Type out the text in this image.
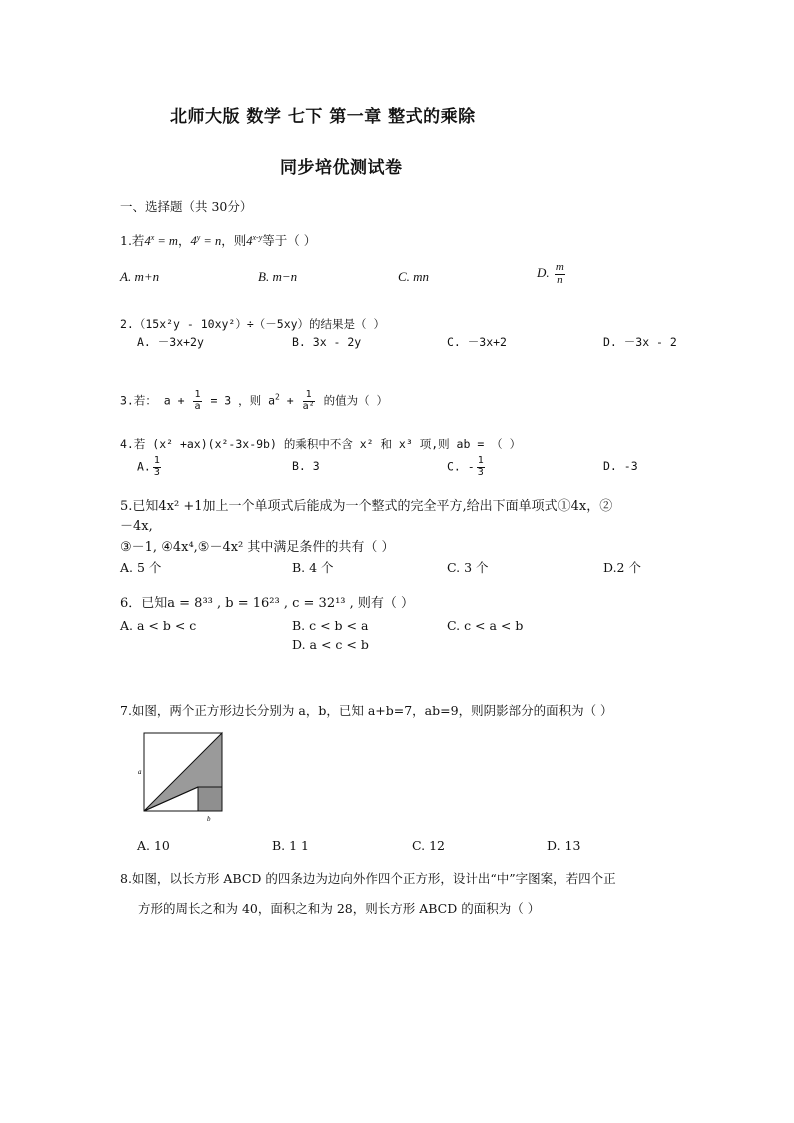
北师大版 数学 七下 第一章 整式的乘除
同步培优测试卷
一、选择题（共 30分）
1.若$4^x = m$，$4^y = n$，则4$^{x-y}$等于（ ）
A. m+n	B. m−n	C. mn	D. $\frac{m}{n}$
2.（15x²y - 10xy²）÷（－5xy）的结果是（ ）
A. －3x+2y	B. 3x - 2y	C. －3x+2	D. －3x - 2
3.若： $a + \frac{1}{a} = 3$ ，则 $a^2 + \frac{1}{\text{a²}}$ 的值为（ ）
4.若 (x² +ax)(x²-3x-9b) 的乘积中不含 x² 和 x³ 项,则 ab = （ ）
A. $\frac{1}{3}$	B. 3	C. - $\frac{1}{3}$	D. -3
5.已知4x² +1加上一个单项式后能成为一个整式的完全平方,给出下面单项式①4x，②
－4x,
③－1, ④4x⁴,⑤－4x² 其中满足条件的共有（ ）
A. 5 个	B. 4 个	C. 3 个	D.2 个
6．已知a = 8³³ , b = 16²³ , c = 32¹³ , 则有（ ）
A. a < b < c	B. c < b < a	C. c < a < b
D. a < c < b
7.如图，两个正方形边长分别为 a，b，已知 a+b=7，ab=9，则阴影部分的面积为（ ）
a
b
A. 10	B. 1 1	C. 12	D. 13
8.如图，以长方形 ABCD 的四条边为边向外作四个正方形，设计出“中”字图案，若四个正
方形的周长之和为 40，面积之和为 28，则长方形 ABCD 的面积为（ ）
